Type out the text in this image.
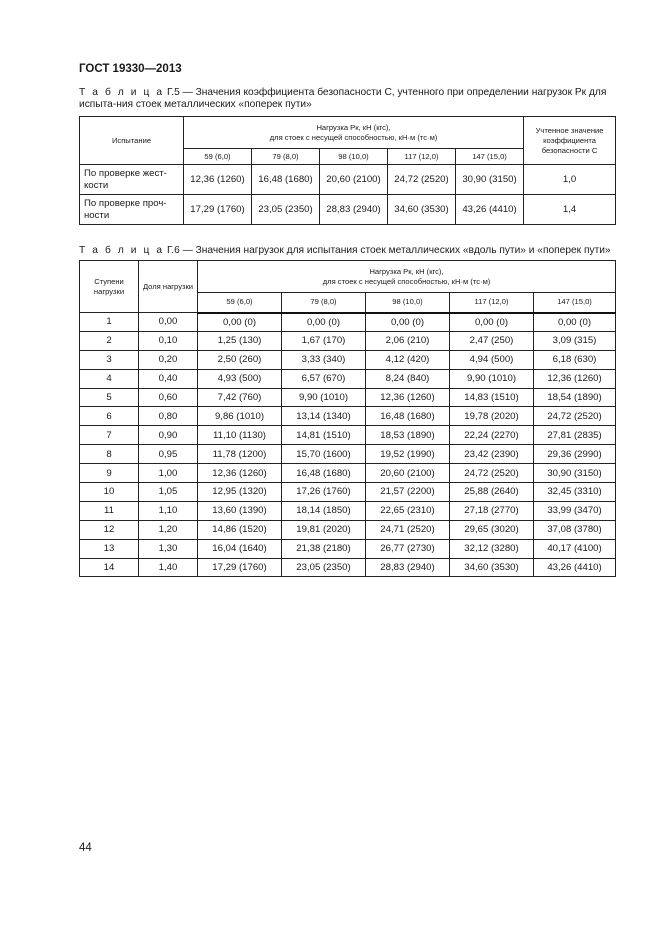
ГОСТ 19330—2013
Т а б л и ц а Г.5 — Значения коэффициента безопасности С, учтенного при определении нагрузок Рк для испыта-ния стоек металлических «поперек пути»
Испытание	Нагрузка Рк, кН (кгс),
для стоек с несущей способностью, кН·м (тс·м)					Учтенное значение коэффициента безопасности С
	59 (6,0)	79 (8,0)	98 (10,0)	117 (12,0)	147 (15,0)	
По проверке жест-кости	12,36 (1260)	16,48 (1680)	20,60 (2100)	24,72 (2520)	30,90 (3150)	1,0
По проверке проч-ности	17,29 (1760)	23,05 (2350)	28,83 (2940)	34,60 (3530)	43,26 (4410)	1,4
Т а б л и ц а Г.6 — Значения нагрузок для испытания стоек металлических «вдоль пути» и «поперек пути»
Ступени нагрузки	Доля нагрузки	Нагрузка Рк, кН (кгс),
для стоек с несущей способностью, кН·м (тс·м)				

		59 (6,0)	79 (8,0)	98 (10,0)	117 (12,0)	147 (15,0)
1	0,00	0,00 (0)	0,00 (0)	0,00 (0)	0,00 (0)	0,00 (0)
2	0,10	1,25 (130)	1,67 (170)	2,06 (210)	2,47 (250)	3,09 (315)
3	0,20	2,50 (260)	3,33 (340)	4,12 (420)	4,94 (500)	6,18 (630)
4	0,40	4,93 (500)	6,57 (670)	8,24 (840)	9,90 (1010)	12,36 (1260)
5	0,60	7,42 (760)	9,90 (1010)	12,36 (1260)	14,83 (1510)	18,54 (1890)
6	0,80	9,86 (1010)	13,14 (1340)	16,48 (1680)	19,78 (2020)	24,72 (2520)
7	0,90	11,10 (1130)	14,81 (1510)	18,53 (1890)	22,24 (2270)	27,81 (2835)
8	0,95	11,78 (1200)	15,70 (1600)	19,52 (1990)	23,42 (2390)	29,36 (2990)
9	1,00	12,36 (1260)	16,48 (1680)	20,60 (2100)	24,72 (2520)	30,90 (3150)
10	1,05	12,95 (1320)	17,26 (1760)	21,57 (2200)	25,88 (2640)	32,45 (3310)
11	1,10	13,60 (1390)	18,14 (1850)	22,65 (2310)	27,18 (2770)	33,99 (3470)
12	1,20	14,86 (1520)	19,81 (2020)	24,71 (2520)	29,65 (3020)	37,08 (3780)
13	1,30	16,04 (1640)	21,38 (2180)	26,77 (2730)	32,12 (3280)	40,17 (4100)
14	1,40	17,29 (1760)	23,05 (2350)	28,83 (2940)	34,60 (3530)	43,26 (4410)
44
